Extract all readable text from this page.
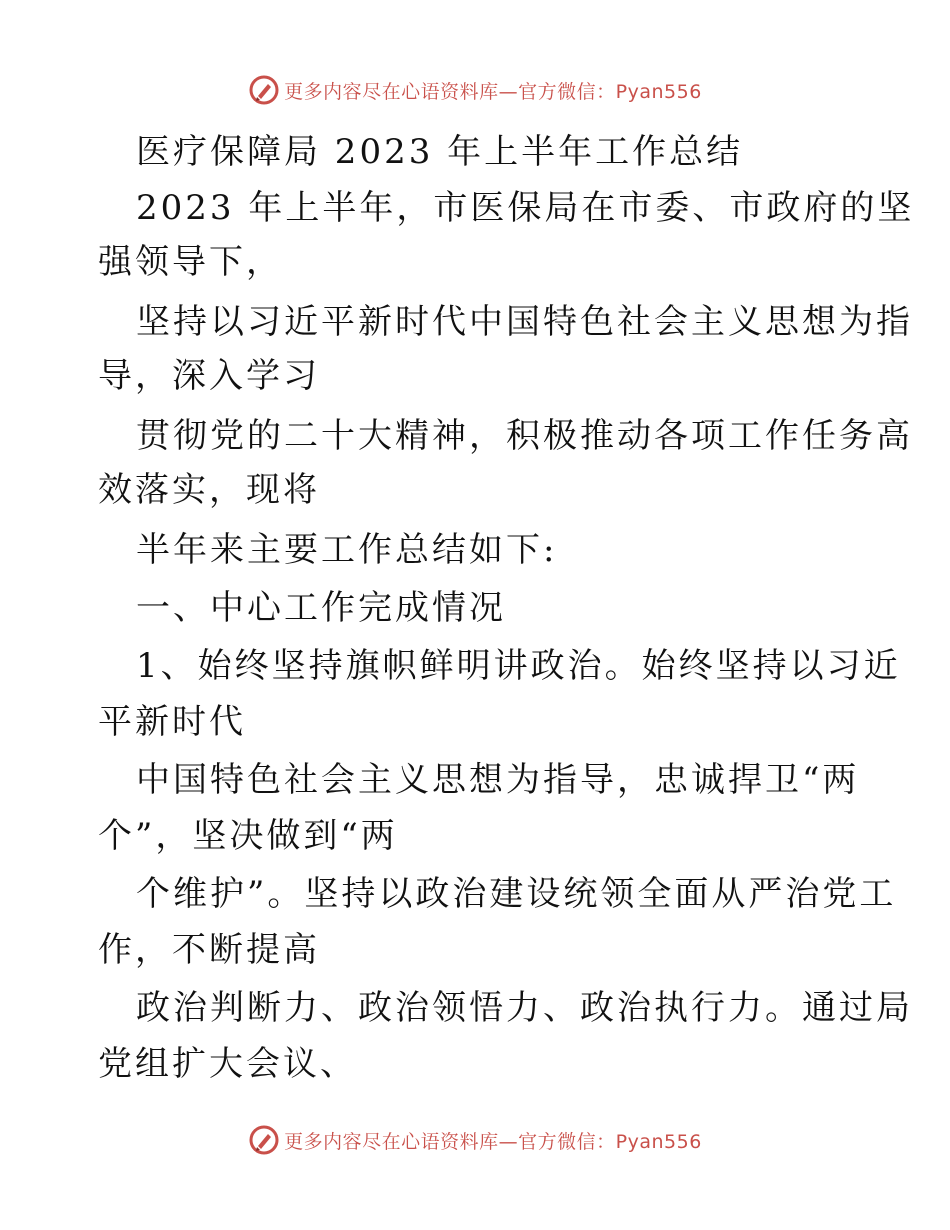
更多内容尽在心语资料库—官方微信：Pyan556
医疗保障局 2023 年上半年工作总结
2023 年上半年，市医保局在市委、市政府的坚
强领导下，
坚持以习近平新时代中国特色社会主义思想为指
导，深入学习
贯彻党的二十大精神，积极推动各项工作任务高
效落实，现将
半年来主要工作总结如下:
一、中心工作完成情况
1、始终坚持旗帜鲜明讲政治。始终坚持以习近
平新时代
中国特色社会主义思想为指导，忠诚捍卫“两
个”，坚决做到“两
个维护”。坚持以政治建设统领全面从严治党工
作，不断提高
政治判断力、政治领悟力、政治执行力。通过局
党组扩大会议、
更多内容尽在心语资料库—官方微信：Pyan556
